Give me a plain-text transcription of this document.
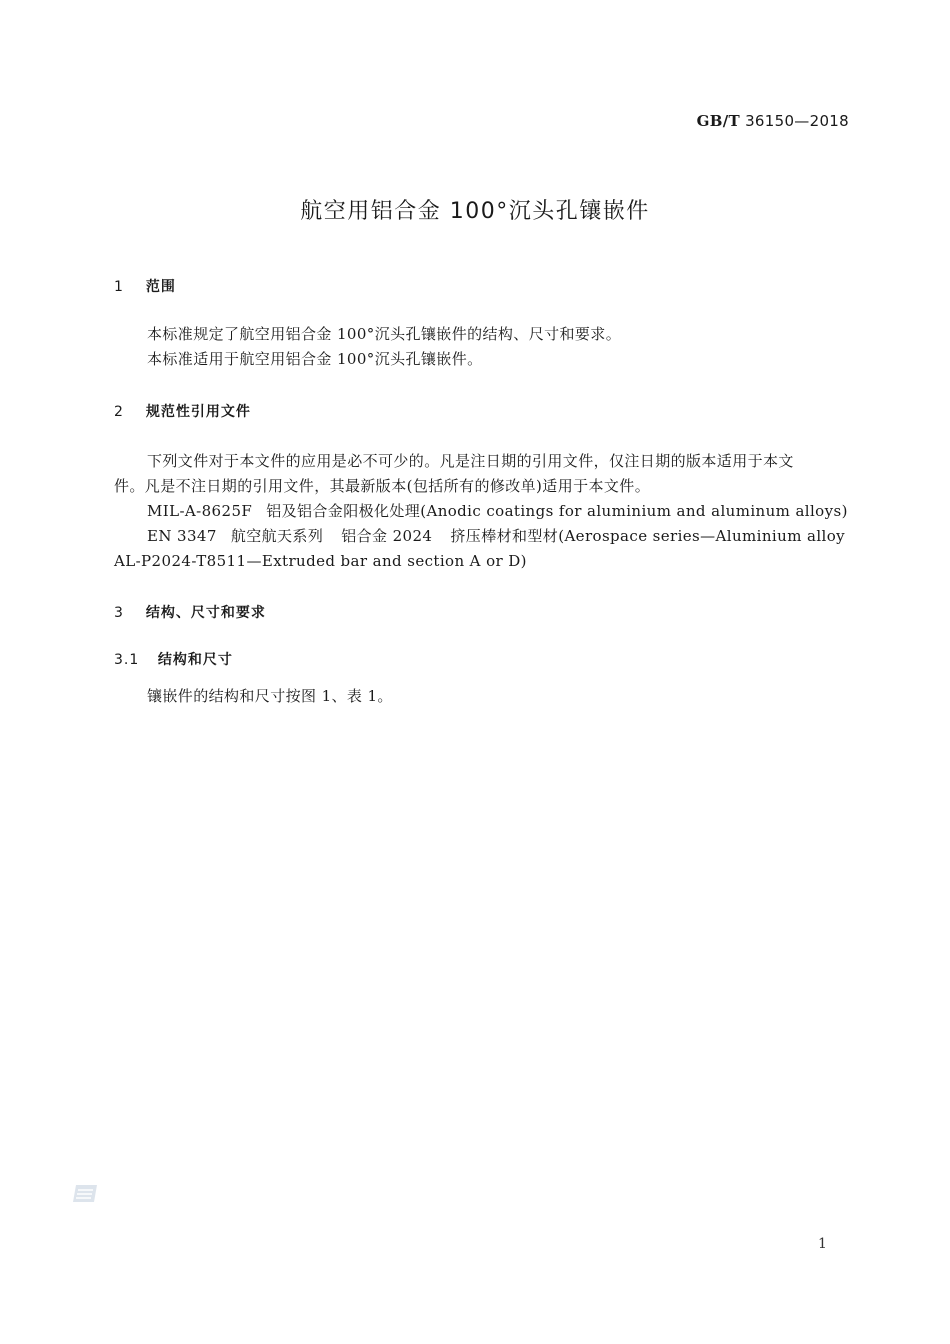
GB/T 36150—2018
航空用铝合金 100°沉头孔镶嵌件
1 范围
本标准规定了航空用铝合金 100°沉头孔镶嵌件的结构、尺寸和要求。
本标准适用于航空用铝合金 100°沉头孔镶嵌件。
2 规范性引用文件
下列文件对于本文件的应用是必不可少的。凡是注日期的引用文件，仅注日期的版本适用于本文
件。凡是不注日期的引用文件，其最新版本(包括所有的修改单)适用于本文件。
MIL-A-8625F 铝及铝合金阳极化处理(Anodic coatings for aluminium and aluminum alloys)
EN 3347 航空航天系列 铝合金 2024 挤压棒材和型材(Aerospace series—Aluminium alloy
AL-P2024-T8511—Extruded bar and section A or D)
3 结构、尺寸和要求
3.1 结构和尺寸
镶嵌件的结构和尺寸按图 1、表 1。
1
